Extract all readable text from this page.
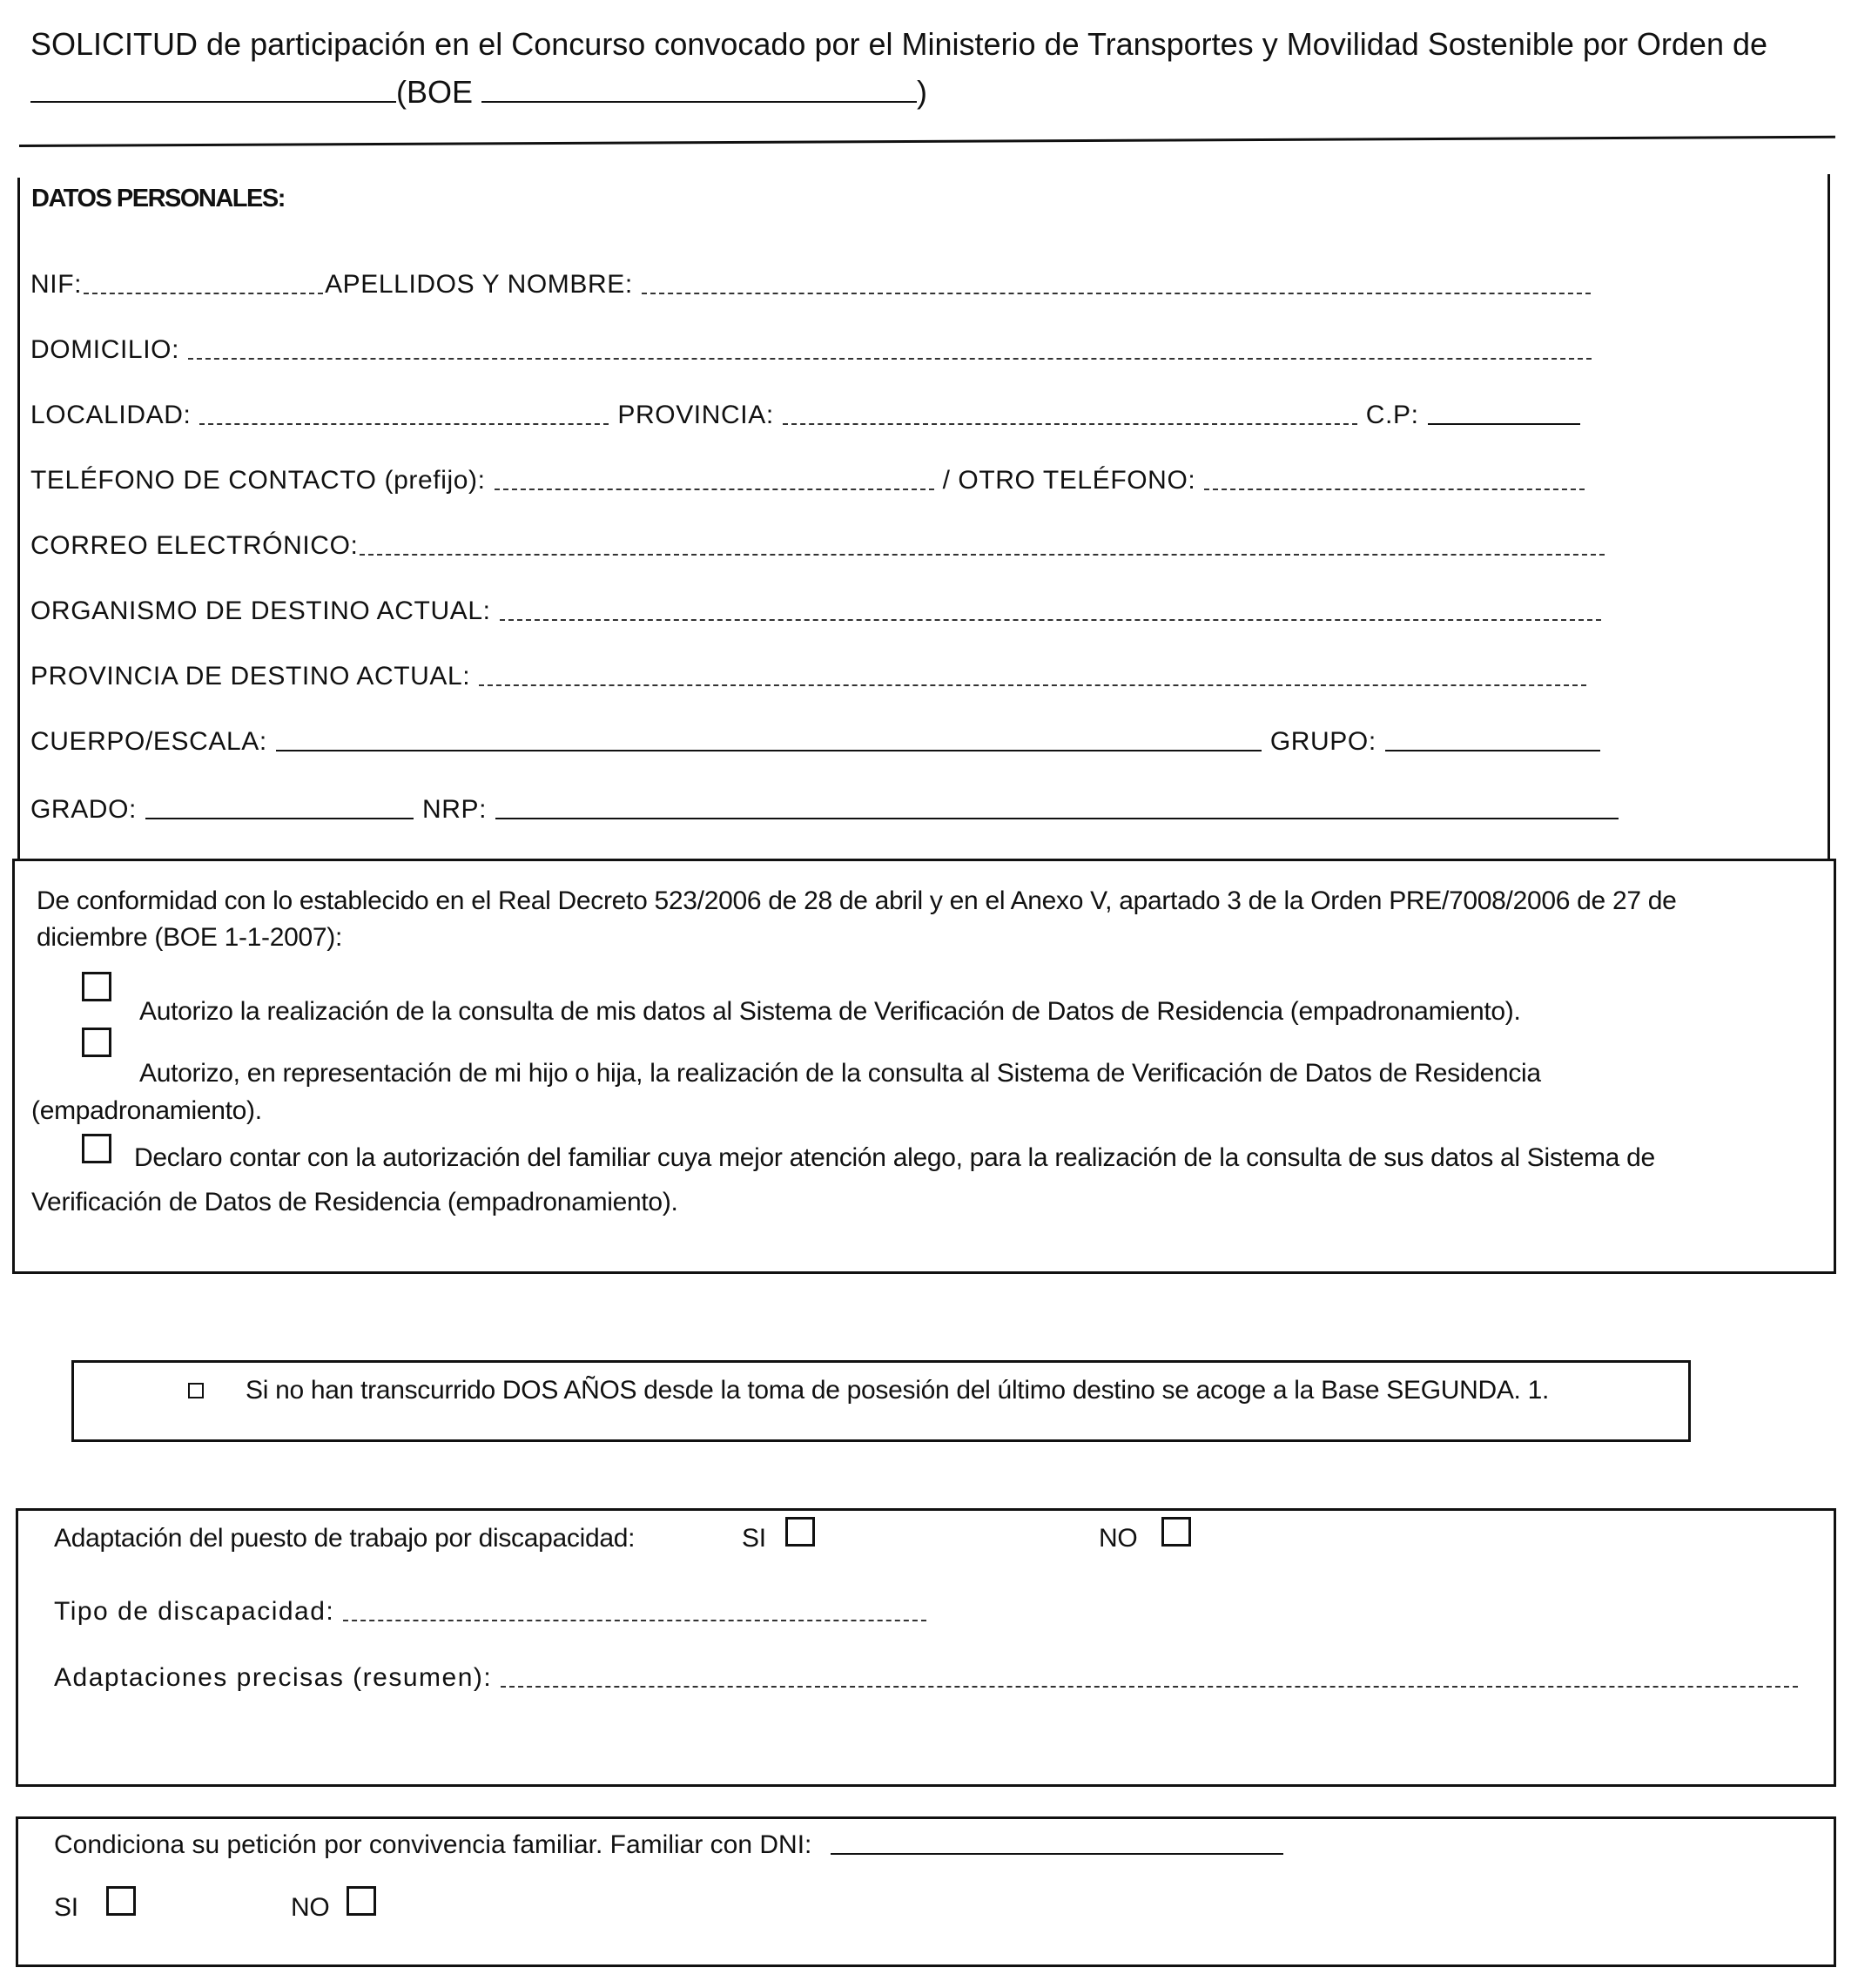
SOLICITUD de participación en el Concurso convocado por el Ministerio de Transportes y Movilidad Sostenible por Orden de
(BOE	)
DATOS PERSONALES:
NIF:	APELLIDOS Y NOMBRE:
DOMICILIO:
LOCALIDAD:	PROVINCIA:	C.P:
TELÉFONO DE CONTACTO (prefijo):	/ OTRO TELÉFONO:
CORREO ELECTRÓNICO:
ORGANISMO DE DESTINO ACTUAL:
PROVINCIA DE DESTINO ACTUAL:
CUERPO/ESCALA:	GRUPO:
GRADO:	NRP:
De conformidad con lo establecido en el Real Decreto 523/2006 de 28 de abril y en el Anexo V, apartado 3 de la Orden PRE/7008/2006 de 27 de diciembre (BOE 1-1-2007):
Autorizo la realización de la consulta de mis datos al Sistema de Verificación de Datos de Residencia (empadronamiento).
Autorizo, en representación de mi hijo o hija, la realización de la consulta al Sistema de Verificación de Datos de Residencia
(empadronamiento).
Declaro contar con la autorización del familiar cuya mejor atención alego, para la realización de la consulta de sus datos al Sistema de
Verificación de Datos de Residencia (empadronamiento).
Si no han transcurrido DOS AÑOS desde la toma de posesión del último destino se acoge a la Base SEGUNDA. 1.
Adaptación del puesto de trabajo por discapacidad:	SI	NO
Tipo de discapacidad:
Adaptaciones precisas (resumen):
Condiciona su petición por convivencia familiar. Familiar con DNI:
SI	NO
